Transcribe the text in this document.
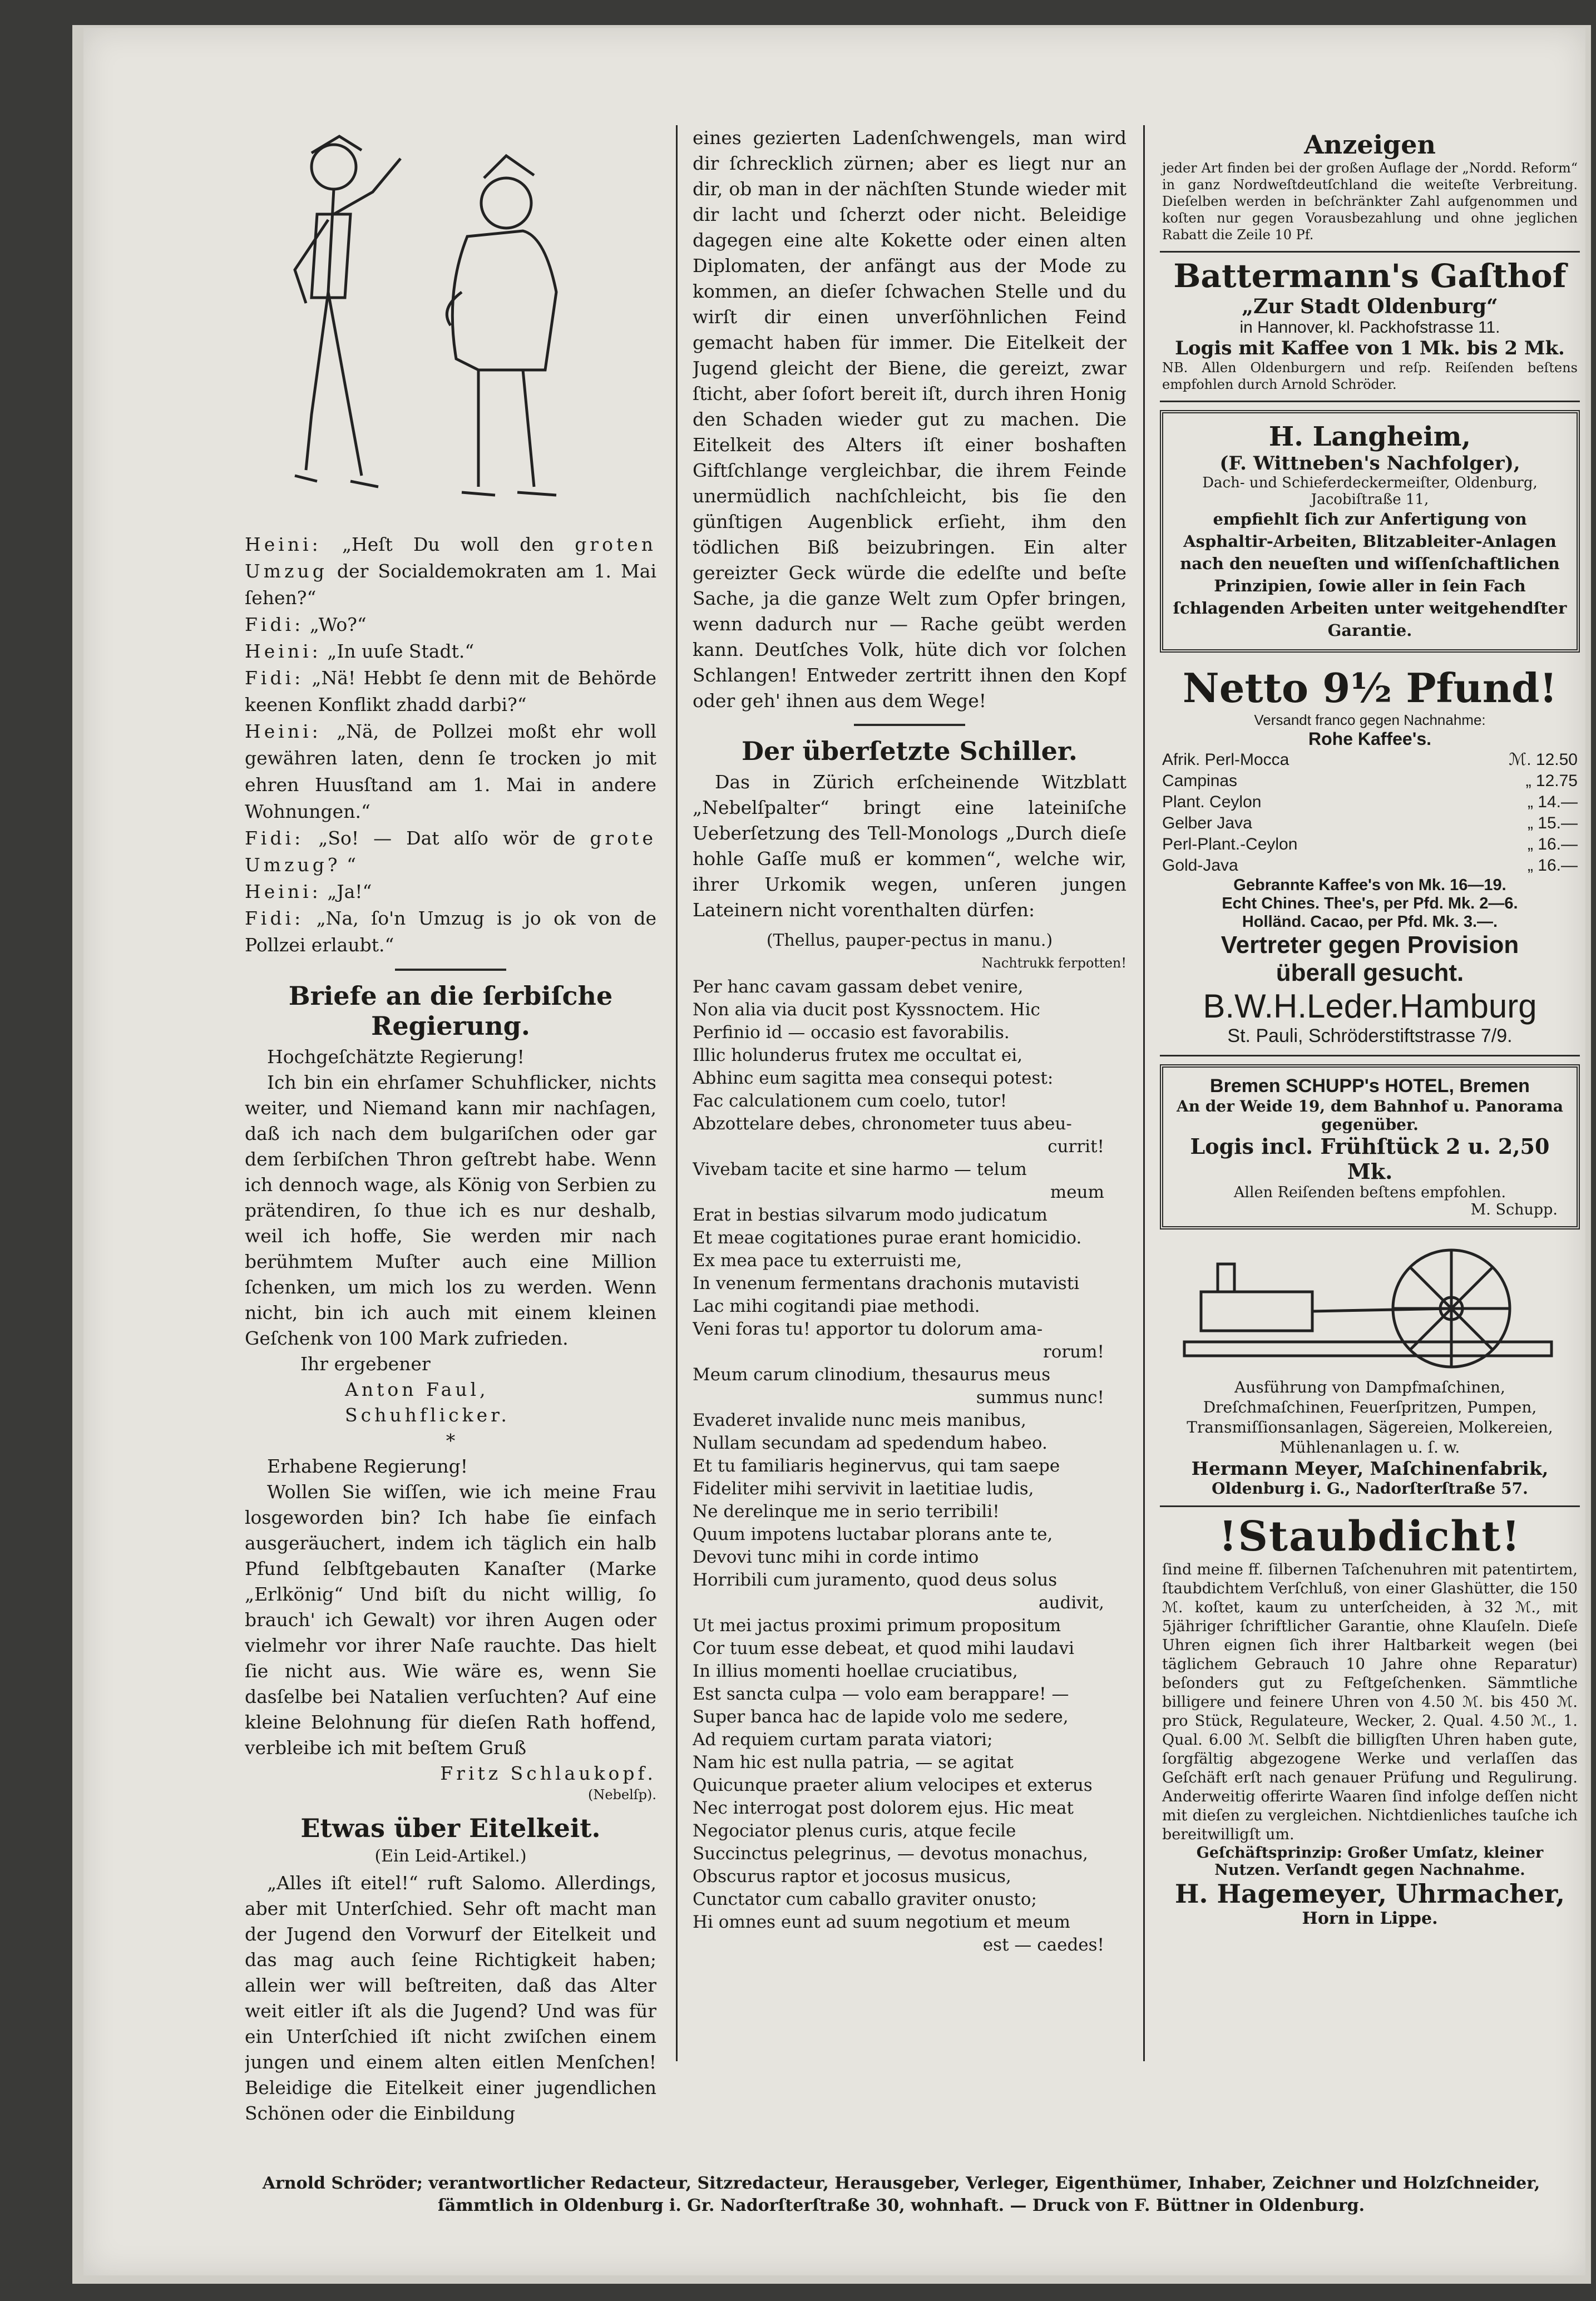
Heini: „Heſt Du woll den groten Umzug der Socialdemokraten am 1. Mai ſehen?“

Fidi: „Wo?“

Heini: „In uuſe Stadt.“

Fidi: „Nä! Hebbt ſe denn mit de Behörde keenen Konflikt zhadd darbi?“

Heini: „Nä, de Pollzei moßt ehr woll gewähren laten, denn ſe trocken jo mit ehren Huusſtand am 1. Mai in andere Wohnungen.“

Fidi: „So! — Dat alſo wör de grote Umzug? “

Heini: „Ja!“

Fidi: „Na, ſo'n Umzug is jo ok von de Pollzei erlaubt.“

Briefe an die ſerbiſche Regierung.

Hochgeſchätzte Regierung!

Ich bin ein ehrſamer Schuhflicker, nichts weiter, und Niemand kann mir nachſagen, daß ich nach dem bulgariſchen oder gar dem ſerbiſchen Thron geſtrebt habe. Wenn ich dennoch wage, als König von Serbien zu prätendiren, ſo thue ich es nur deshalb, weil ich hoffe, Sie werden mir nach berühmtem Muſter auch eine Million ſchenken, um mich los zu werden. Wenn nicht, bin ich auch mit einem kleinen Geſchenk von 100 Mark zufrieden.

Ihr ergebener

Anton Faul, Schuhflicker.

*

Erhabene Regierung!

Wollen Sie wiſſen, wie ich meine Frau losgeworden bin? Ich habe ſie einfach ausgeräuchert, indem ich täglich ein halb Pfund ſelbſtgebauten Kanaſter (Marke „Erlkönig“ Und biſt du nicht willig, ſo brauch' ich Gewalt) vor ihren Augen oder vielmehr vor ihrer Naſe rauchte. Das hielt ſie nicht aus. Wie wäre es, wenn Sie dasſelbe bei Natalien verſuchten? Auf eine kleine Belohnung für dieſen Rath hoffend, verbleibe ich mit beſtem Gruß

Fritz Schlaukopf.

(Nebelſp).

Etwas über Eitelkeit.

(Ein Leid-Artikel.)

„Alles iſt eitel!“ ruft Salomo. Allerdings, aber mit Unterſchied. Sehr oft macht man der Jugend den Vorwurf der Eitelkeit und das mag auch ſeine Richtigkeit haben; allein wer will beſtreiten, daß das Alter weit eitler iſt als die Jugend? Und was für ein Unterſchied iſt nicht zwiſchen einem jungen und einem alten eitlen Menſchen! Beleidige die Eitelkeit einer jugendlichen Schönen oder die Einbildung

eines gezierten Ladenſchwengels, man wird dir ſchrecklich zürnen; aber es liegt nur an dir, ob man in der nächſten Stunde wieder mit dir lacht und ſcherzt oder nicht. Beleidige dagegen eine alte Kokette oder einen alten Diplomaten, der anfängt aus der Mode zu kommen, an dieſer ſchwachen Stelle und du wirſt dir einen unverſöhnlichen Feind gemacht haben für immer. Die Eitelkeit der Jugend gleicht der Biene, die gereizt, zwar ſticht, aber ſofort bereit iſt, durch ihren Honig den Schaden wieder gut zu machen. Die Eitelkeit des Alters iſt einer boshaften Giftſchlange vergleichbar, die ihrem Feinde unermüdlich nachſchleicht, bis ſie den günſtigen Augenblick erſieht, ihm den tödlichen Biß beizubringen. Ein alter gereizter Geck würde die edelſte und beſte Sache, ja die ganze Welt zum Opfer bringen, wenn dadurch nur — Rache geübt werden kann. Deutſches Volk, hüte dich vor ſolchen Schlangen! Entweder zertritt ihnen den Kopf oder geh' ihnen aus dem Wege!

Der überſetzte Schiller.

Das in Zürich erſcheinende Witzblatt „Nebelſpalter“ bringt eine lateiniſche Ueberſetzung des Tell-Monologs „Durch dieſe hohle Gaſſe muß er kommen“, welche wir, ihrer Urkomik wegen, unſeren jungen Lateinern nicht vorenthalten dürfen:

(Thellus, pauper-pectus in manu.)

Nachtrukk ferpotten!

Per hanc cavam gassam debet venire,

Non alia via ducit post Kyssnoctem. Hic

Perfinio id — occasio est favorabilis.

Illic holunderus frutex me occultat ei,

Abhinc eum sagitta mea consequi potest:

Fac calculationem cum coelo, tutor!

Abzottelare debes, chronometer tuus abeu-

currit!

Vivebam tacite et sine harmo — telum

meum

Erat in bestias silvarum modo judicatum

Et meae cogitationes purae erant homicidio.

Ex mea pace tu exterruisti me,

In venenum fermentans drachonis mutavisti

Lac mihi cogitandi piae methodi.

Veni foras tu! apportor tu dolorum ama-

rorum!

Meum carum clinodium, thesaurus meus

summus nunc!

Evaderet invalide nunc meis manibus,

Nullam secundam ad spedendum habeo.

Et tu familiaris heginervus, qui tam saepe

Fideliter mihi servivit in laetitiae ludis,

Ne derelinque me in serio terribili!

Quum impotens luctabar plorans ante te,

Devovi tunc mihi in corde intimo

Horribili cum juramento, quod deus solus

audivit,

Ut mei jactus proximi primum propositum

Cor tuum esse debeat, et quod mihi laudavi

In illius momenti hoellae cruciatibus,

Est sancta culpa — volo eam berappare! —

Super banca hac de lapide volo me sedere,

Ad requiem curtam parata viatori;

Nam hic est nulla patria, — se agitat

Quicunque praeter alium velocipes et exterus

Nec interrogat post dolorem ejus. Hic meat

Negociator plenus curis, atque fecile

Succinctus pelegrinus, — devotus monachus,

Obscurus raptor et jocosus musicus,

Cunctator cum caballo graviter onusto;

Hi omnes eunt ad suum negotium et meum

est — caedes!

Anzeigen
jeder Art finden bei der großen Auflage der „Nordd. Reform“ in ganz Nordweſtdeutſchland die weiteſte Verbreitung. Dieſelben werden in beſchränkter Zahl aufgenommen und koſten nur gegen Vorausbezahlung und ohne jeglichen Rabatt die Zeile 10 Pf.
Battermann's Gaſthof
„Zur Stadt Oldenburg“
in Hannover, kl. Packhofstrasse 11.
Logis mit Kaffee von 1 Mk. bis 2 Mk.
NB. Allen Oldenburgern und reſp. Reiſenden beſtens empfohlen durch Arnold Schröder.
H. Langheim,
(F. Wittneben's Nachfolger),
Dach- und Schieferdeckermeiſter, Oldenburg,
Jacobiſtraße 11,
empfiehlt ſich zur Anfertigung von Asphaltir-Arbeiten, Blitzableiter-Anlagen nach den neueſten und wiſſenſchaftlichen Prinzipien, ſowie aller in ſein Fach ſchlagenden Arbeiten unter weitgehendſter Garantie.
Netto 9½ Pfund!
Versandt franco gegen Nachnahme:
Rohe Kaffee's.
Afrik. Perl-Mocca	ℳ. 12.50
Campinas	„ 12.75
Plant. Ceylon	„ 14.—
Gelber Java	„ 15.—
Perl-Plant.-Ceylon	„ 16.—
Gold-Java	„ 16.—
Gebrannte Kaffee's von Mk. 16—19.
Echt Chines. Thee's, per Pfd. Mk. 2—6.
Holländ. Cacao, per Pfd. Mk. 3.—.
Vertreter gegen Provision
überall gesucht.
B.W.H.Leder.Hamburg
St. Pauli, Schröderstiftstrasse 7/9.
Bremen SCHUPP's HOTEL, Bremen
An der Weide 19, dem Bahnhof u. Panorama gegenüber.
Logis incl. Frühſtück 2 u. 2,50 Mk.
Allen Reiſenden beſtens empfohlen.
M. Schupp.
Ausführung von Dampfmaſchinen, Dreſchmaſchinen, Feuerſpritzen, Pumpen, Transmiſſionsanlagen, Sägereien, Molkereien, Mühlenanlagen u. ſ. w.
Hermann Meyer, Maſchinenfabrik,
Oldenburg i. G., Nadorſterſtraße 57.
!Staubdicht!
ſind meine ff. ſilbernen Taſchenuhren mit patentirtem, ſtaubdichtem Verſchluß, von einer Glashütter, die 150 ℳ. koſtet, kaum zu unterſcheiden, à 32 ℳ., mit 5jähriger ſchriftlicher Garantie, ohne Klauſeln. Dieſe Uhren eignen ſich ihrer Haltbarkeit wegen (bei täglichem Gebrauch 10 Jahre ohne Reparatur) beſonders gut zu Feſtgeſchenken. Sämmtliche billigere und feinere Uhren von 4.50 ℳ. bis 450 ℳ. pro Stück, Regulateure, Wecker, 2. Qual. 4.50 ℳ., 1. Qual. 6.00 ℳ. Selbſt die billigſten Uhren haben gute, ſorgfältig abgezogene Werke und verlaſſen das Geſchäft erſt nach genauer Prüfung und Regulirung. Anderweitig offerirte Waaren ſind infolge deſſen nicht mit dieſen zu vergleichen. Nichtdienliches tauſche ich bereitwilligſt um.
Geſchäftsprinzip: Großer Umſatz, kleiner Nutzen. Verſandt gegen Nachnahme.
H. Hagemeyer, Uhrmacher,
Horn in Lippe.
Arnold Schröder; verantwortlicher Redacteur, Sitzredacteur, Herausgeber, Verleger, Eigenthümer, Inhaber, Zeichner und Holzſchneider, ſämmtlich in Oldenburg i. Gr. Nadorſterſtraße 30, wohnhaft. — Druck von F. Büttner in Oldenburg.
